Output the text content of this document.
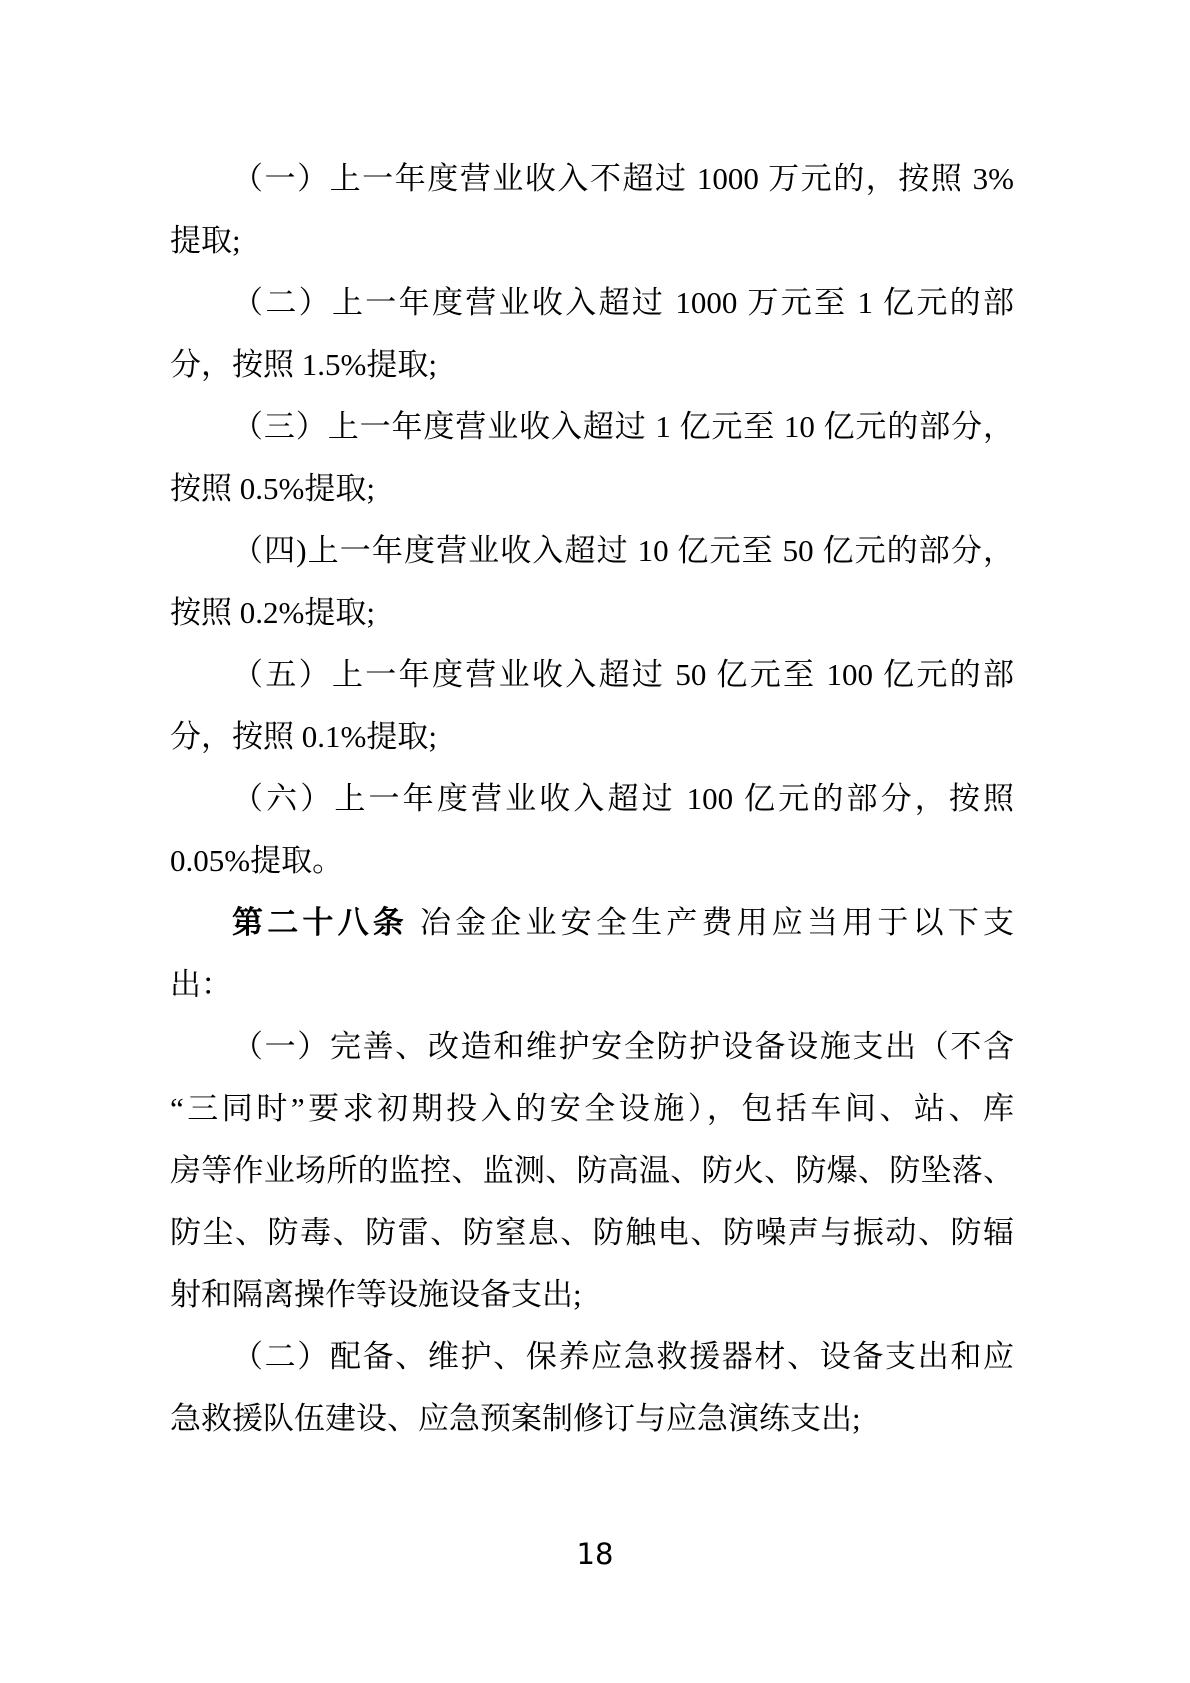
（一）上一年度营业收入不超过 1000 万元的，按照 3%
提取;
（二）上一年度营业收入超过 1000 万元至 1 亿元的部
分，按照 1.5%提取;
（三）上一年度营业收入超过 1 亿元至 10 亿元的部分，
按照 0.5%提取;
（四)上一年度营业收入超过 10 亿元至 50 亿元的部分，
按照 0.2%提取;
（五）上一年度营业收入超过 50 亿元至 100 亿元的部
分，按照 0.1%提取;
（六）上一年度营业收入超过 100 亿元的部分，按照
0.05%提取。
第二十八条 冶金企业安全生产费用应当用于以下支
出：
（一）完善、改造和维护安全防护设备设施支出（不含
“三同时”要求初期投入的安全设施），包括车间、站、库
房等作业场所的监控、监测、防高温、防火、防爆、防坠落、
防尘、防毒、防雷、防窒息、防触电、防噪声与振动、防辐
射和隔离操作等设施设备支出;
（二）配备、维护、保养应急救援器材、设备支出和应
急救援队伍建设、应急预案制修订与应急演练支出;
18
